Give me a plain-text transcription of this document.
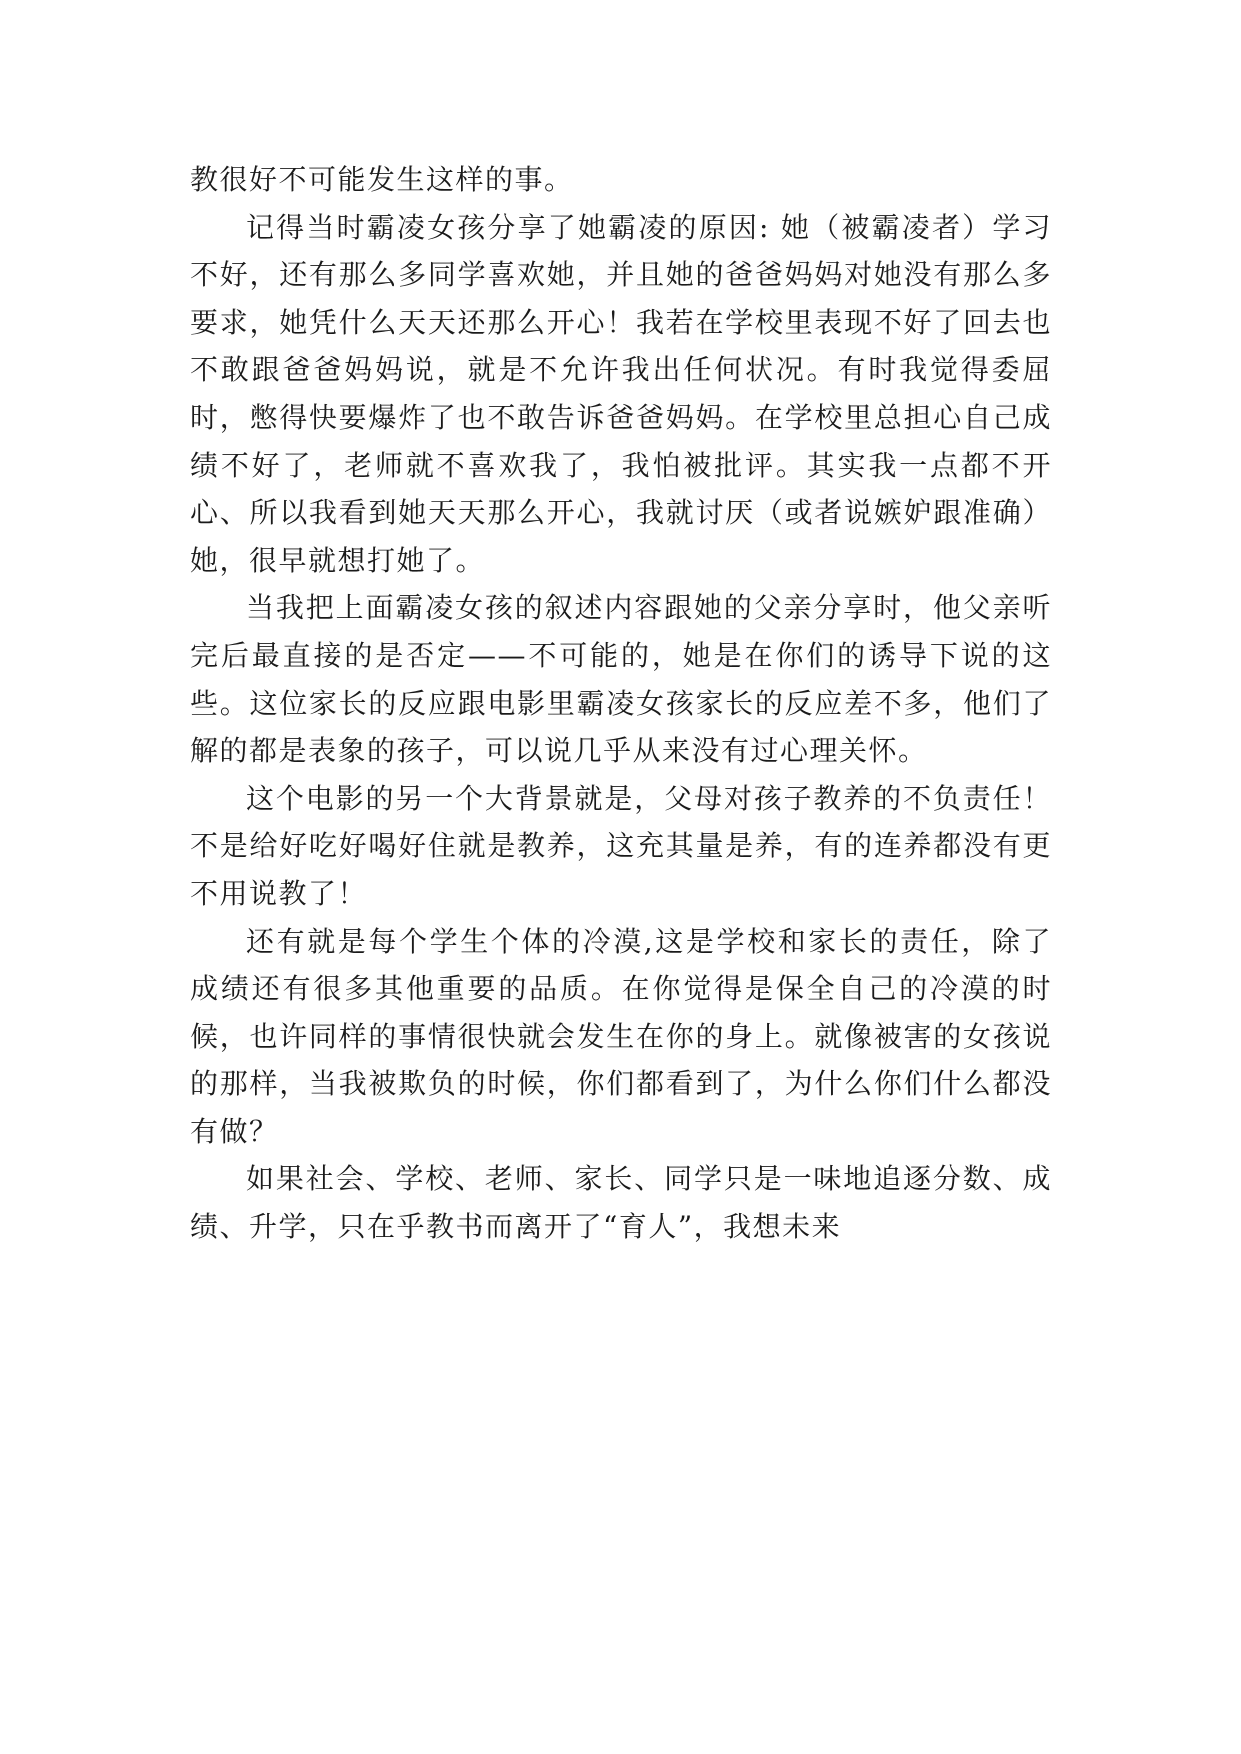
教很好不可能发生这样的事。

记得当时霸凌女孩分享了她霸凌的原因: 她（被霸凌者）学习不好，还有那么多同学喜欢她，并且她的爸爸妈妈对她没有那么多要求，她凭什么天天还那么开心！我若在学校里表现不好了回去也不敢跟爸爸妈妈说，就是不允许我出任何状况。有时我觉得委屈时，憋得快要爆炸了也不敢告诉爸爸妈妈。在学校里总担心自己成绩不好了，老师就不喜欢我了，我怕被批评。其实我一点都不开心、所以我看到她天天那么开心，我就讨厌（或者说嫉妒跟准确）她，很早就想打她了。

当我把上面霸凌女孩的叙述内容跟她的父亲分享时，他父亲听完后最直接的是否定——不可能的，她是在你们的诱导下说的这些。这位家长的反应跟电影里霸凌女孩家长的反应差不多，他们了解的都是表象的孩子，可以说几乎从来没有过心理关怀。

这个电影的另一个大背景就是，父母对孩子教养的不负责任！不是给好吃好喝好住就是教养，这充其量是养，有的连养都没有更不用说教了！

还有就是每个学生个体的冷漠,这是学校和家长的责任，除了成绩还有很多其他重要的品质。在你觉得是保全自己的冷漠的时候，也许同样的事情很快就会发生在你的身上。就像被害的女孩说的那样，当我被欺负的时候，你们都看到了，为什么你们什么都没有做？

如果社会、学校、老师、家长、同学只是一味地追逐分数、成绩、升学，只在乎教书而离开了“育人”，我想未来
